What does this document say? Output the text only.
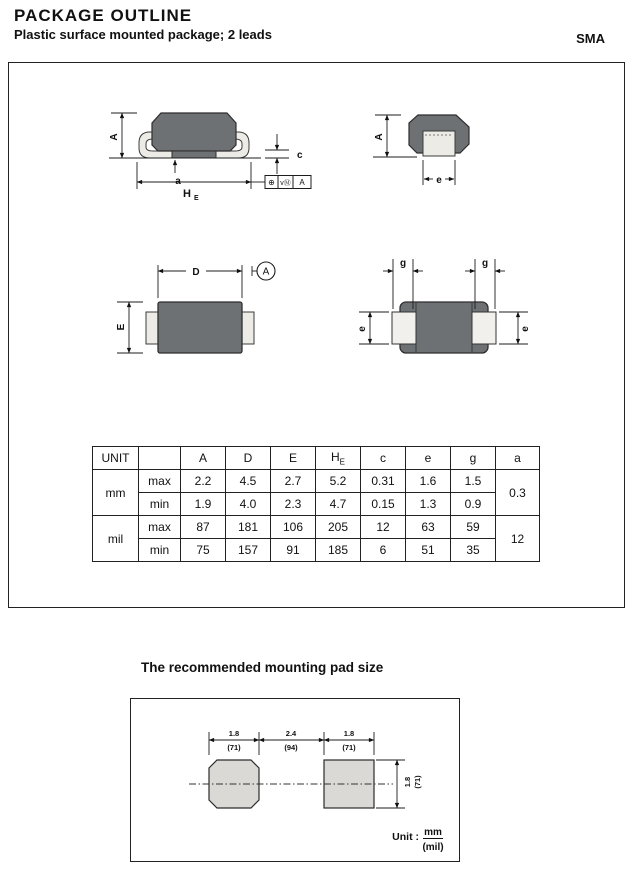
PACKAGE OUTLINE
Plastic surface mounted package; 2 leads	SMA
A
a
c
H E
⊕ vⓂ A
A
e
D	A
E
g	g
e	e
UNIT		A	D	E	$H_E$	c	e	g	a
mm	max	2.2	4.5	2.7	5.2	0.31	1.6	1.5	0.3
	min	1.9	4.0	2.3	4.7	0.15	1.3	0.9	
mil	max	87	181	106	205	12	63	59	12
	min	75	157	91	185	6	51	35	
The recommended mounting pad size
1.8
(71)
2.4
(94)
1.8
(71)
1.8 (71)
Unit : mm
(mil)
